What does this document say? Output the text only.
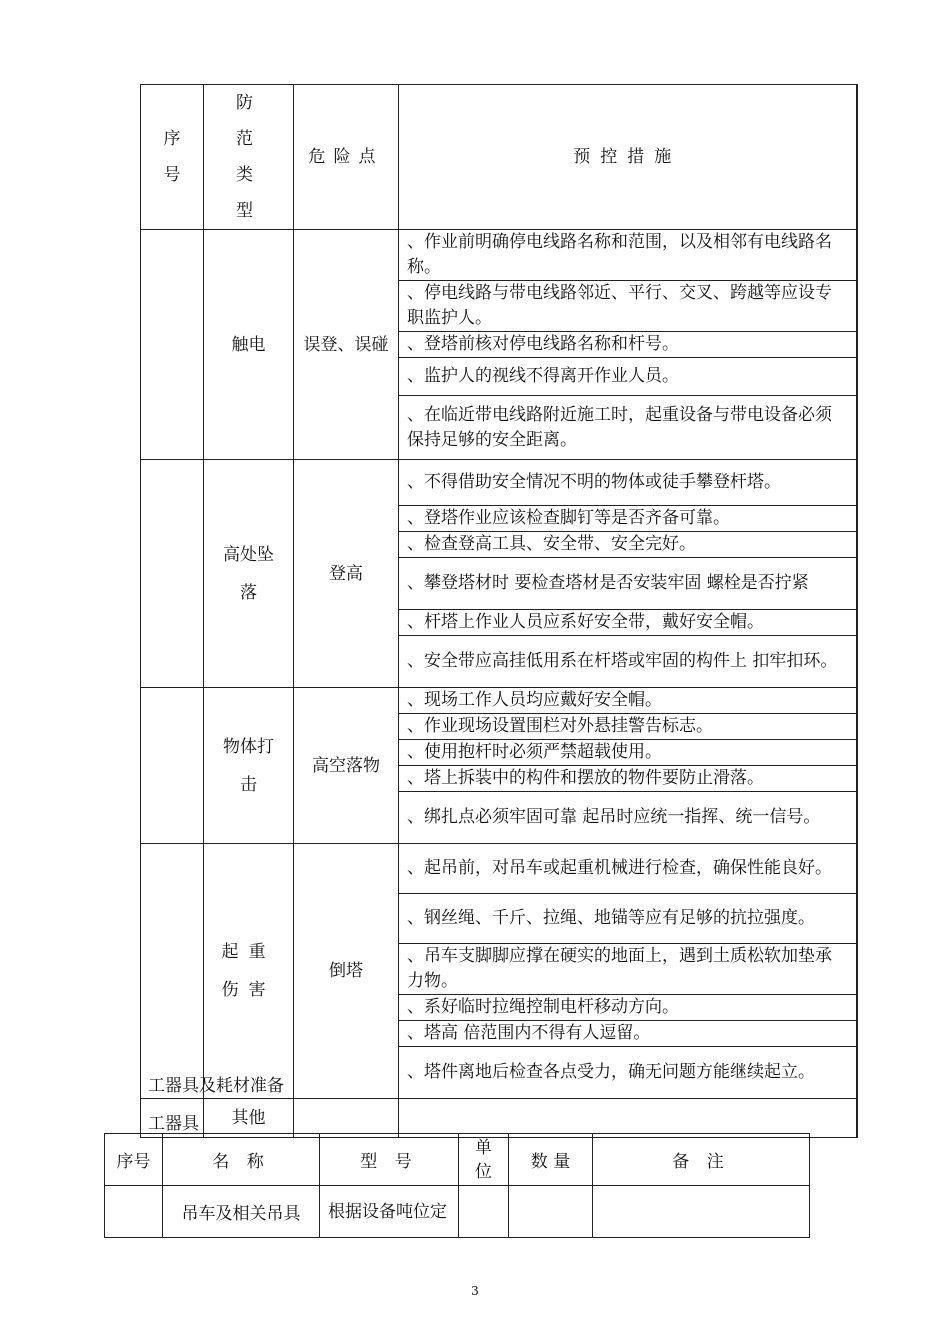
序号	防范类型	危险点	预控措施

	触电	误登、误碰	、作业前明确停电线路名称和范围，以及相邻有电线路名称。

			、停电线路与带电线路邻近、平行、交叉、跨越等应设专职监护人。

			、登塔前核对停电线路名称和杆号。

			、监护人的视线不得离开作业人员。

			、在临近带电线路附近施工时，起重设备与带电设备必须保持足够的安全距离。

	高处坠落	登高	、不得借助安全情况不明的物体或徒手攀登杆塔。

			、登塔作业应该检查脚钉等是否齐备可靠。

			、检查登高工具、安全带、安全完好。

			、攀登塔材时 要检查塔材是否安装牢固 螺栓是否拧紧

			、杆塔上作业人员应系好安全带，戴好安全帽。

			、安全带应高挂低用系在杆塔或牢固的构件上 扣牢扣环。

	物体打击	高空落物	、现场工作人员均应戴好安全帽。

			、作业现场设置围栏对外悬挂警告标志。

			、使用抱杆时必须严禁超载使用。

			、塔上拆装中的构件和摆放的物件要防止滑落。

			、绑扎点必须牢固可靠 起吊时应统一指挥、统一信号。

	起重伤害	倒塔	、起吊前，对吊车或起重机械进行检查，确保性能良好。

			、钢丝绳、千斤、拉绳、地锚等应有足够的抗拉强度。

			、吊车支脚脚应撑在硬实的地面上，遇到土质松软加垫承力物。

			、系好临时拉绳控制电杆移动方向。

			、塔高 倍范围内不得有人逗留。

			、塔件离地后检查各点受力，确无问题方能继续起立。

	其他		

工器具及耗材准备
工器具
序号	名 称	型 号	单位	数 量	备 注
	吊车及相关吊具	根据设备吨位定			
3
